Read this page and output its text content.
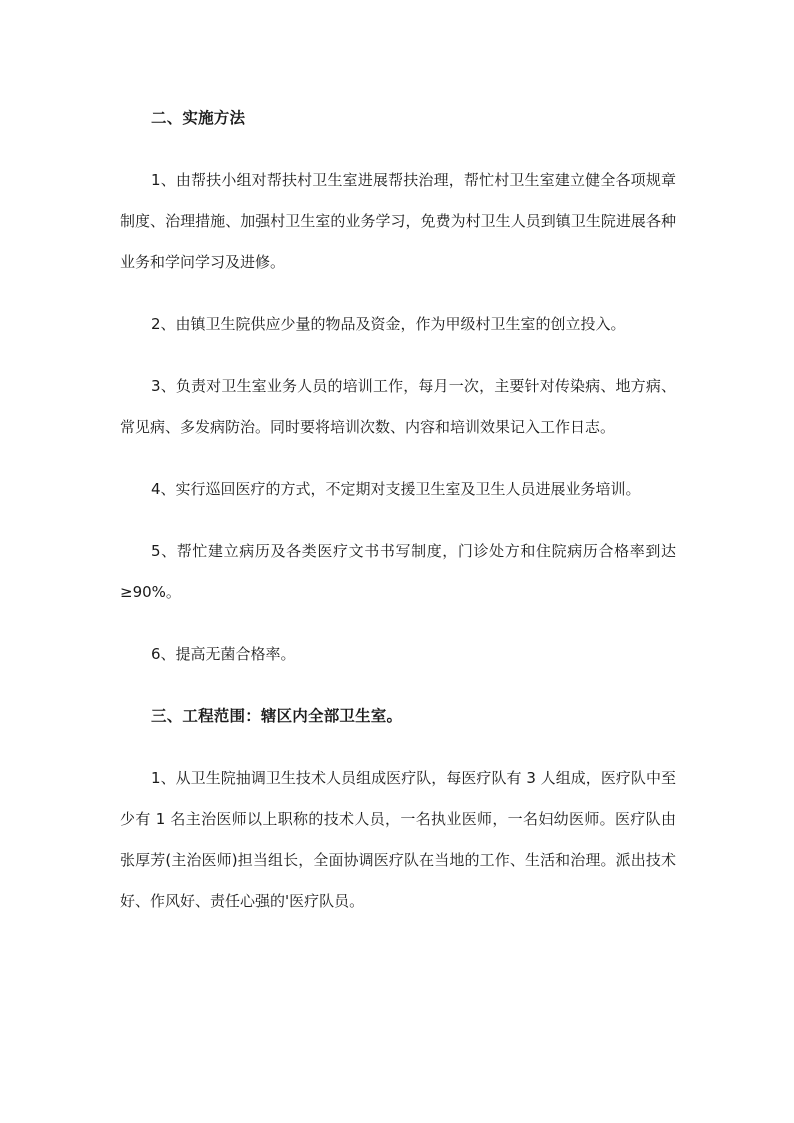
二、实施方法

1、由帮扶小组对帮扶村卫生室进展帮扶治理，帮忙村卫生室建立健全各项规章制度、治理措施、加强村卫生室的业务学习，免费为村卫生人员到镇卫生院进展各种业务和学问学习及进修。

2、由镇卫生院供应少量的物品及资金，作为甲级村卫生室的创立投入。

3、负责对卫生室业务人员的培训工作，每月一次，主要针对传染病、地方病、常见病、多发病防治。同时要将培训次数、内容和培训效果记入工作日志。

4、实行巡回医疗的方式，不定期对支援卫生室及卫生人员进展业务培训。

5、帮忙建立病历及各类医疗文书书写制度，门诊处方和住院病历合格率到达≥90%。

6、提高无菌合格率。

三、工程范围：辖区内全部卫生室。

1、从卫生院抽调卫生技术人员组成医疗队，每医疗队有 3 人组成，医疗队中至少有 1 名主治医师以上职称的技术人员，一名执业医师，一名妇幼医师。医疗队由张厚芳(主治医师)担当组长，全面协调医疗队在当地的工作、生活和治理。派出技术好、作风好、责任心强的'医疗队员。
